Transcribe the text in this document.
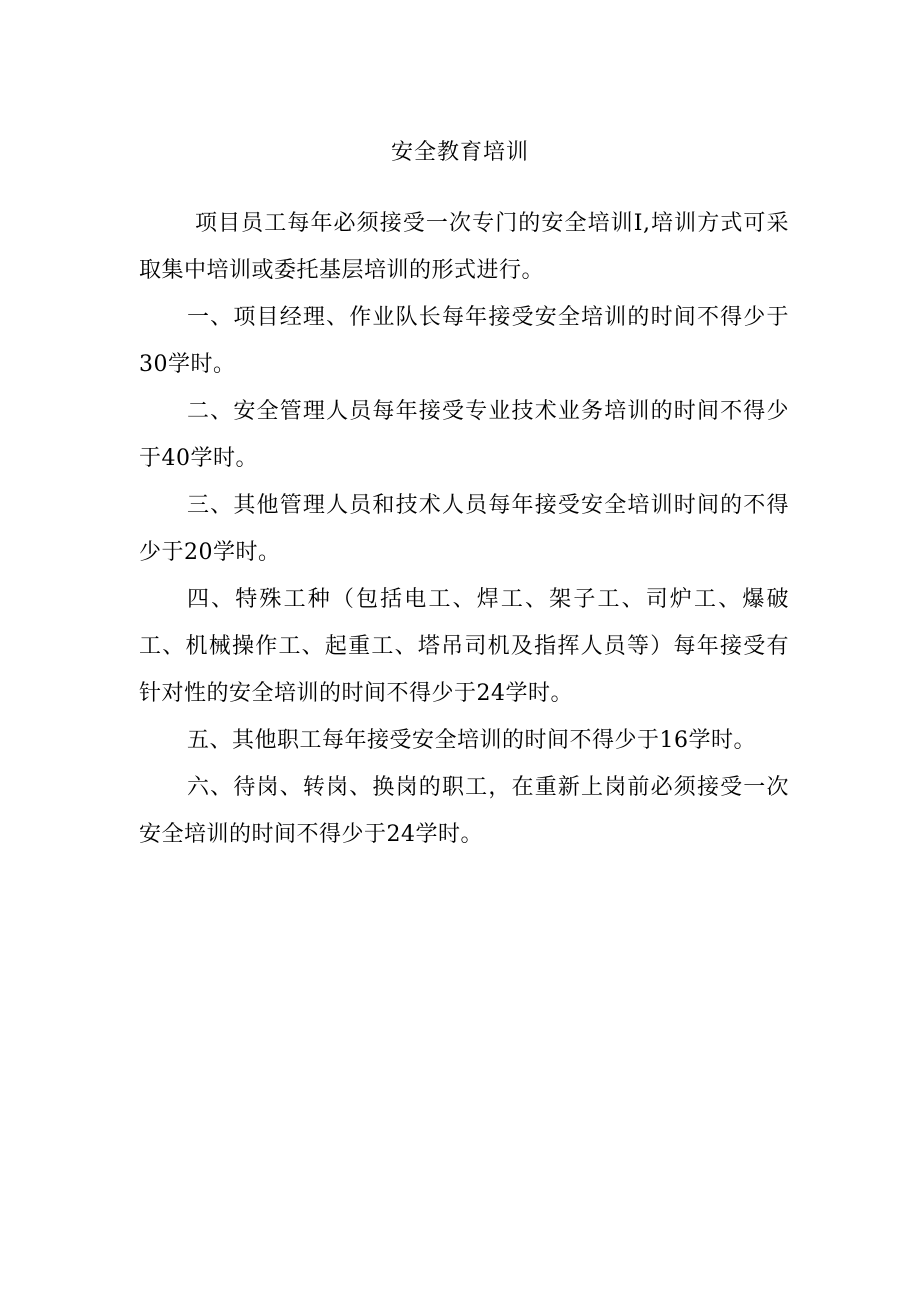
安全教育培训

项目员工每年必须接受一次专门的安全培训I,培训方式可采取集中培训或委托基层培训的形式进行。

一、项目经理、作业队长每年接受安全培训的时间不得少于30学时。

二、安全管理人员每年接受专业技术业务培训的时间不得少于40学时。

三、其他管理人员和技术人员每年接受安全培训时间的不得少于20学时。

四、特殊工种（包括电工、焊工、架子工、司炉工、爆破工、机械操作工、起重工、塔吊司机及指挥人员等）每年接受有针对性的安全培训的时间不得少于24学时。

五、其他职工每年接受安全培训的时间不得少于16学时。

六、待岗、转岗、换岗的职工，在重新上岗前必须接受一次安全培训的时间不得少于24学时。
